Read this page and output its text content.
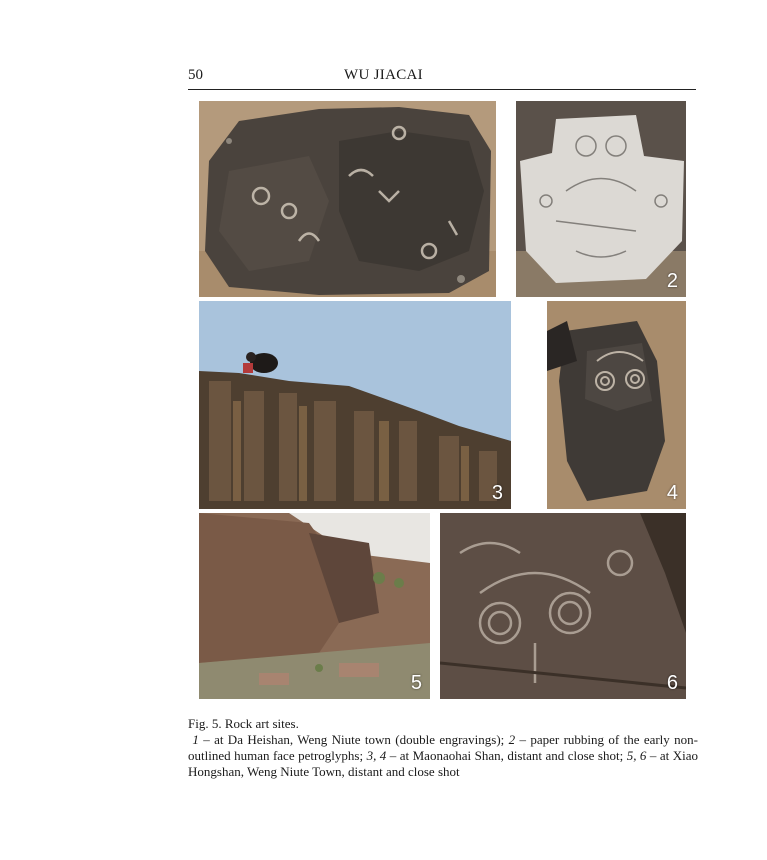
50	WU JIACAI
2
3	4
5	6
Fig. 5. Rock art sites.
1 – at Da Heishan, Weng Niute town (double engravings); 2 – paper rubbing of the early non-outlined human face petroglyphs; 3, 4 – at Maonaohai Shan, distant and close shot; 5, 6 – at Xiao Hongshan, Weng Niute Town, distant and close shot
